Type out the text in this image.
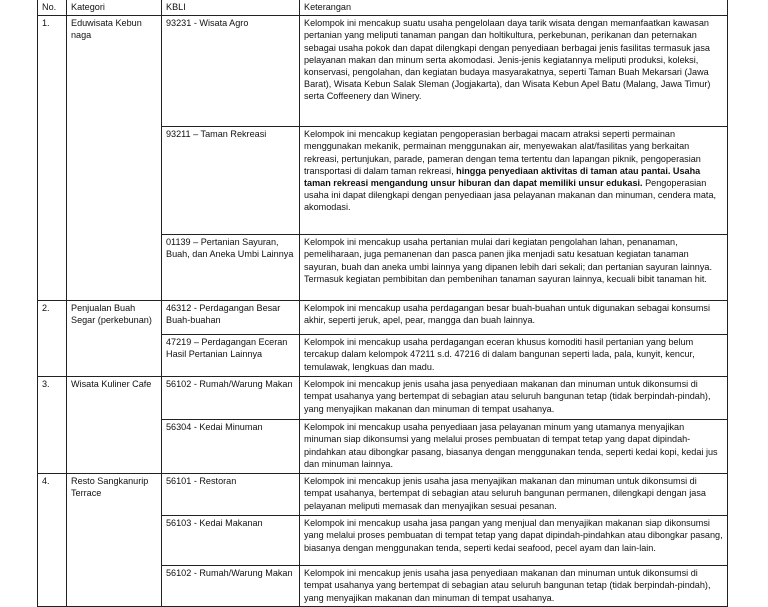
No.	Kategori	KBLI	Keterangan
1.	Eduwisata Kebun naga	93231 - Wisata Agro	Kelompok ini mencakup suatu usaha pengelolaan daya tarik wisata dengan memanfaatkan kawasan pertanian yang meliputi tanaman pangan dan holtikultura, perkebunan, perikanan dan peternakan sebagai usaha pokok dan dapat dilengkapi dengan penyediaan berbagai jenis fasilitas termasuk jasa pelayanan makan dan minum serta akomodasi. Jenis-jenis kegiatannya meliputi produksi, koleksi, konservasi, pengolahan, dan kegiatan budaya masyarakatnya, seperti Taman Buah Mekarsari (Jawa Barat), Wisata Kebun Salak Sleman (Jogjakarta), dan Wisata Kebun Apel Batu (Malang, Jawa Timur) serta Coffeenery dan Winery.
		93211 – Taman Rekreasi	Kelompok ini mencakup kegiatan pengoperasian berbagai macam atraksi seperti permainan menggunakan mekanik, permainan menggunakan air, menyewakan alat/fasilitas yang berkaitan rekreasi, pertunjukan, parade, pameran dengan tema tertentu dan lapangan piknik, pengoperasian transportasi di dalam taman rekreasi, hingga penyediaan aktivitas di taman atau pantai. Usaha taman rekreasi mengandung unsur hiburan dan dapat memiliki unsur edukasi. Pengoperasian usaha ini dapat dilengkapi dengan penyediaan jasa pelayanan makanan dan minuman, cendera mata, akomodasi.
		01139 – Pertanian Sayuran, Buah, dan Aneka Umbi Lainnya	Kelompok ini mencakup usaha pertanian mulai dari kegiatan pengolahan lahan, penanaman, pemeliharaan, juga pemanenan dan pasca panen jika menjadi satu kesatuan kegiatan tanaman sayuran, buah dan aneka umbi lainnya yang dipanen lebih dari sekali; dan pertanian sayuran lainnya. Termasuk kegiatan pembibitan dan pembenihan tanaman sayuran lainnya, kecuali bibit tanaman hit.
2.	Penjualan Buah Segar (perkebunan)	46312 - Perdagangan Besar Buah-buahan	Kelompok ini mencakup usaha perdagangan besar buah-buahan untuk digunakan sebagai konsumsi akhir, seperti jeruk, apel, pear, mangga dan buah lainnya.
		47219 – Perdagangan Eceran Hasil Pertanian Lainnya	Kelompok ini mencakup usaha perdagangan eceran khusus komoditi hasil pertanian yang belum tercakup dalam kelompok 47211 s.d. 47216 di dalam bangunan seperti lada, pala, kunyit, kencur, temulawak, lengkuas dan madu.
3.	Wisata Kuliner Cafe	56102 - Rumah/Warung Makan	Kelompok ini mencakup jenis usaha jasa penyediaan makanan dan minuman untuk dikonsumsi di tempat usahanya yang bertempat di sebagian atau seluruh bangunan tetap (tidak berpindah-pindah), yang menyajikan makanan dan minuman di tempat usahanya.
		56304 - Kedai Minuman	Kelompok ini mencakup usaha penyediaan jasa pelayanan minum yang utamanya menyajikan minuman siap dikonsumsi yang melalui proses pembuatan di tempat tetap yang dapat dipindah-pindahkan atau dibongkar pasang, biasanya dengan menggunakan tenda, seperti kedai kopi, kedai jus dan minuman lainnya.
4.	Resto Sangkanurip Terrace	56101 - Restoran	Kelompok ini mencakup jenis usaha jasa menyajikan makanan dan minuman untuk dikonsumsi di tempat usahanya, bertempat di sebagian atau seluruh bangunan permanen, dilengkapi dengan jasa pelayanan meliputi memasak dan menyajikan sesuai pesanan.
		56103 - Kedai Makanan	Kelompok ini mencakup usaha jasa pangan yang menjual dan menyajikan makanan siap dikonsumsi yang melalui proses pembuatan di tempat tetap yang dapat dipindah-pindahkan atau dibongkar pasang, biasanya dengan menggunakan tenda, seperti kedai seafood, pecel ayam dan lain-lain.
		56102 - Rumah/Warung Makan	Kelompok ini mencakup jenis usaha jasa penyediaan makanan dan minuman untuk dikonsumsi di tempat usahanya yang bertempat di sebagian atau seluruh bangunan tetap (tidak berpindah-pindah), yang menyajikan makanan dan minuman di tempat usahanya.
